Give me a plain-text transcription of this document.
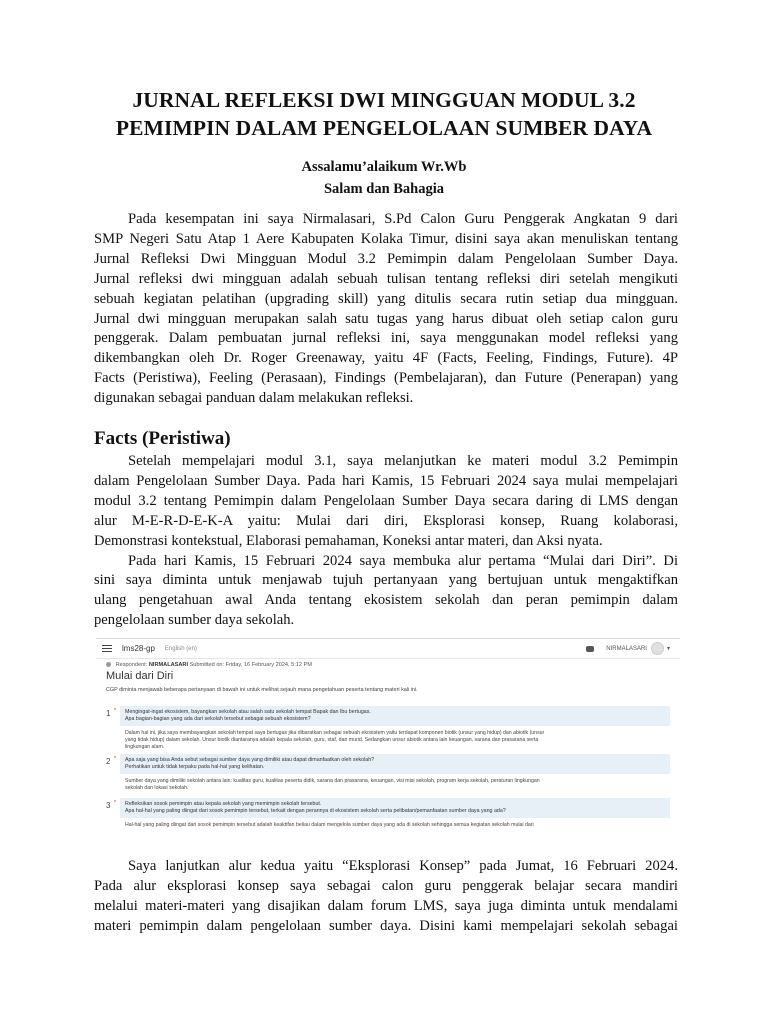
JURNAL REFLEKSI DWI MINGGUAN MODUL 3.2
PEMIMPIN DALAM PENGELOLAAN SUMBER DAYA
Assalamu’alaikum Wr.Wb
Salam dan Bahagia
Pada kesempatan ini saya Nirmalasari, S.Pd Calon Guru Penggerak Angkatan 9 dari
SMP Negeri Satu Atap 1 Aere Kabupaten Kolaka Timur, disini saya akan menuliskan tentang
Jurnal Refleksi Dwi Mingguan Modul 3.2 Pemimpin dalam Pengelolaan Sumber Daya.
Jurnal refleksi dwi mingguan adalah sebuah tulisan tentang refleksi diri setelah mengikuti
sebuah kegiatan pelatihan (upgrading skill) yang ditulis secara rutin setiap dua mingguan.
Jurnal dwi mingguan merupakan salah satu tugas yang harus dibuat oleh setiap calon guru
penggerak. Dalam pembuatan jurnal refleksi ini, saya menggunakan model refleksi yang
dikembangkan oleh Dr. Roger Greenaway, yaitu 4F (Facts, Feeling, Findings, Future). 4P
Facts (Peristiwa), Feeling (Perasaan), Findings (Pembelajaran), dan Future (Penerapan) yang
digunakan sebagai panduan dalam melakukan refleksi.
Facts (Peristiwa)
Setelah mempelajari modul 3.1, saya melanjutkan ke materi modul 3.2 Pemimpin
dalam Pengelolaan Sumber Daya. Pada hari Kamis, 15 Februari 2024 saya mulai mempelajari
modul 3.2 tentang Pemimpin dalam Pengelolaan Sumber Daya secara daring di LMS dengan
alur M-E-R-D-E-K-A yaitu: Mulai dari diri, Eksplorasi konsep, Ruang kolaborasi,
Demonstrasi kontekstual, Elaborasi pemahaman, Koneksi antar materi, dan Aksi nyata.
Pada hari Kamis, 15 Februari 2024 saya membuka alur pertama “Mulai dari Diri”. Di
sini saya diminta untuk menjawab tujuh pertanyaan yang bertujuan untuk mengaktifkan
ulang pengetahuan awal Anda tentang ekosistem sekolah dan peran pemimpin dalam
pengelolaan sumber daya sekolah.
lms28-gp English (en)	NIRMALASARI	▾
Respondent: NIRMALASARI Submitted on: Friday, 16 February 2024, 5:12 PM
Mulai dari Diri
CGP diminta menjawab beberapa pertanyaan di bawah ini untuk melihat sejauh mana pengetahuan peserta tentang materi kali ini.
1 * Mengingat-ingat ekosistem, bayangkan sekolah atau salah satu sekolah tempat Bapak dan Ibu bertugas.
Apa bagian-bagian yang ada dari sekolah tersebut sebagai sebuah ekosistem?
Dalam hal ini, jika saya membayangkan sekolah tempat saya bertugas jika dibaratkan sebagai sebuah ekosistem yaitu terdapat komponen biotik (unsur yang hidup) dan abiotik (unsur
yang tidak hidup) dalam sekolah. Unsur biotik diantaranya adalah kepala sekolah, guru, staf, dan murid. Sedangkan unsur abiotik antara lain keuangan, sarana dan prasarana serta
lingkungan alam.
2 * Apa saja yang bisa Anda sebut sebagai sumber daya yang dimiliki atau dapat dimanfaatkan oleh sekolah?
Perhatikan untuk tidak terpaku pada hal-hal yang kelihatan.
Sumber daya yang dimiliki sekolah antara lain: kualitas guru, kualitas peserta didik, sarana dan prasarana, keuangan, visi misi sekolah, program kerja sekolah, peraturan lingkungan
sekolah dan lokasi sekolah.
3 * Refleksikan sosok pemimpin atau kepala sekolah yang memimpin sekolah tersebut.
Apa hal-hal yang paling diingat dari sosok pemimpin tersebut, terkait dengan perannya di ekosistem sekolah serta pelibatan/pemanfaatan sumber daya yang ada?
Hal-hal yang paling diingat dari sosok pemimpin tersebut adalah keaktifan beliau dalam mengelola sumber daya yang ada di sekolah sehingga semua kegiatan sekolah mulai dari
Saya lanjutkan alur kedua yaitu “Eksplorasi Konsep” pada Jumat, 16 Februari 2024.
Pada alur eksplorasi konsep saya sebagai calon guru penggerak belajar secara mandiri
melalui materi-materi yang disajikan dalam forum LMS, saya juga diminta untuk mendalami
materi pemimpin dalam pengelolaan sumber daya. Disini kami mempelajari sekolah sebagai
